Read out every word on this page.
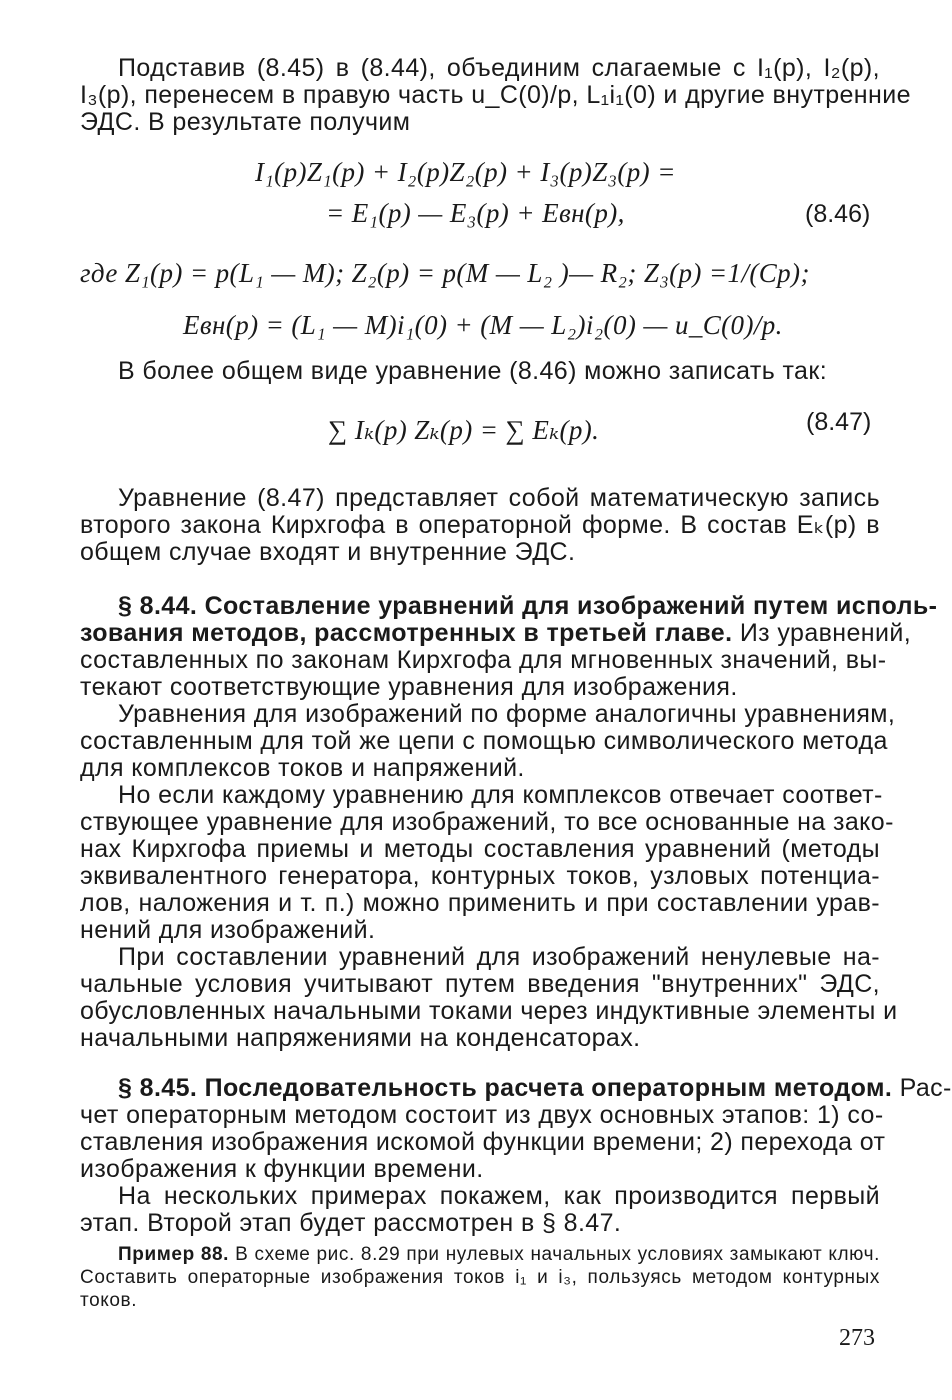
Подставив (8.45) в (8.44), объединим слагаемые с I₁(p), I₂(p),
I₃(p), перенесем в правую часть u_C(0)/p, L₁i₁(0) и другие внутренние
ЭДС. В результате получим
I₁(p)Z₁(p) + I₂(p)Z₂(p) + I₃(p)Z₃(p) =
= E₁(p) — E₃(p) + Eвн(p),	(8.46)
где Z₁(p) = p(L₁ — M); Z₂(p) = p(M — L₂ )— R₂; Z₃(p) =1/(Cp);
Eвн(p) = (L₁ — M)i₁(0) + (M — L₂)i₂(0) — u_C(0)/p.
В более общем виде уравнение (8.46) можно записать так:
∑ Iₖ(p) Zₖ(p) = ∑ Eₖ(p).	(8.47)
Уравнение (8.47) представляет собой математическую запись
второго закона Кирхгофа в операторной форме. В состав Eₖ(p) в
общем случае входят и внутренние ЭДС.
§ 8.44. Составление уравнений для изображений путем исполь-
зования методов, рассмотренных в третьей главе. Из уравнений,
составленных по законам Кирхгофа для мгновенных значений, вы-
текают соответствующие уравнения для изображения.
Уравнения для изображений по форме аналогичны уравнениям,
составленным для той же цепи с помощью символического метода
для комплексов токов и напряжений.
Но если каждому уравнению для комплексов отвечает соответ-
ствующее уравнение для изображений, то все основанные на зако-
нах Кирхгофа приемы и методы составления уравнений (методы
эквивалентного генератора, контурных токов, узловых потенциа-
лов, наложения и т. п.) можно применить и при составлении урав-
нений для изображений.
При составлении уравнений для изображений ненулевые на-
чальные условия учитывают путем введения "внутренних" ЭДС,
обусловленных начальными токами через индуктивные элементы и
начальными напряжениями на конденсаторах.
§ 8.45. Последовательность расчета операторным методом. Рас-
чет операторным методом состоит из двух основных этапов: 1) со-
ставления изображения искомой функции времени; 2) перехода от
изображения к функции времени.
На нескольких примерах покажем, как производится первый
этап. Второй этап будет рассмотрен в § 8.47.
Пример 88. В схеме рис. 8.29 при нулевых начальных условиях замыкают ключ.
Составить операторные изображения токов i₁ и i₃, пользуясь методом контурных
токов.
273
